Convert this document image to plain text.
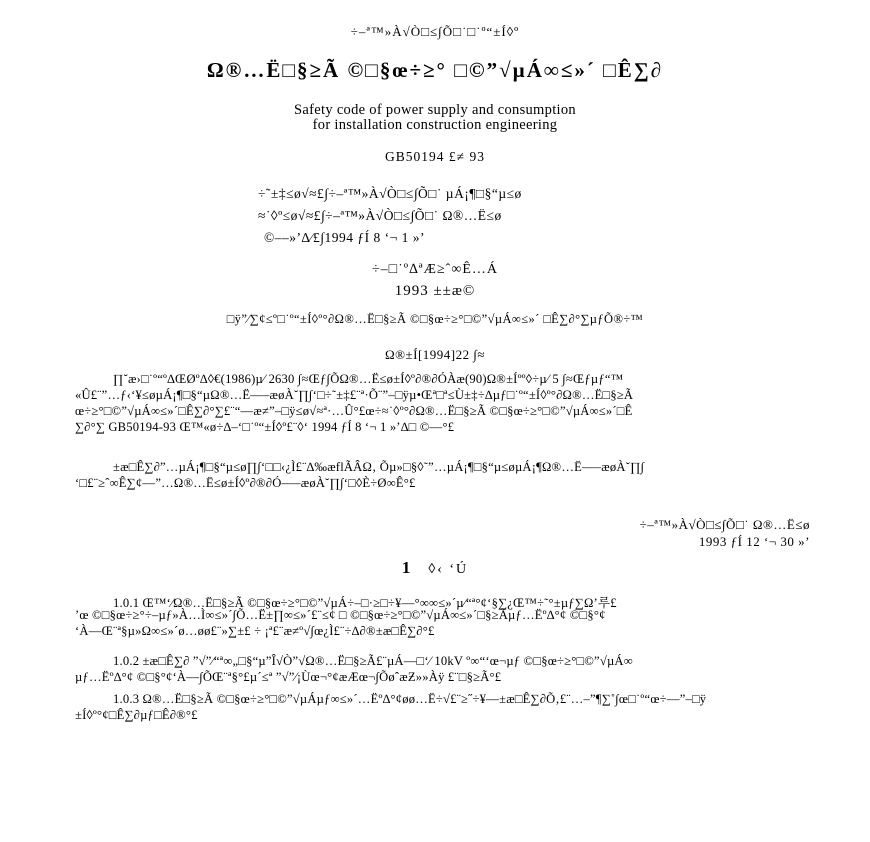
÷–ª™»À√Ò□≤∫Õ□˙□˙º“±Í◊º
Ω®…Ë□§≥Ã ©□§œ÷≥° □©”√µÁ∞≤»´ □Ê∑∂
Safety code of power supply and consumption
for installation construction engineering
GB50194 £≠ 93
÷˜±‡≤ø√≈£∫÷–ª™»À√Ò□≤∫Õ□˙ µÁ¡¶□§“µ≤ø
≈˙◊º≤ø√≈£∫÷–ª™»À√Ò□≤∫Õ□˙ Ω®…Ë≤ø
©––»’∆⁄£∫1994 ƒÍ 8 ‘¬ 1 »’
÷–□˙º∆ªÆ≥ˆ∞Ê…Á
1993 ±±æ©
□ÿ”⁄∑¢≤º□˙º“±Í◊º°∂Ω®…Ë□§≥Ã ©□§œ÷≥°□©”√µÁ∞≤»´ □Ê∑∂°∑µƒÕ®÷™
Ω®±Í[1994]22 ∫≈
∏˘æ›□˙º“º∆ŒØº∆◊€(1986)µ⁄ 2630 ∫≈Œƒ∫ÕΩ®…Ë≤ø±Í◊º∂®∂ÓÀæ(90)Ω®±Íºº◊÷µ⁄ 5 ∫≈Œƒµƒ“™
«Û£¨”…ƒ‹‘¥≤øµÁ¡¶□§“µΩ®…Ë—–æøÀ˘∏∫‘□÷˜±‡£¨ª·Õ¨”–□ÿµ•Œª□ª≤Ù±‡÷∆µƒ□˙º“±Í◊º°∂Ω®…Ë□§≥Ã
œ÷≥°□©”√µÁ∞≤»´□Ê∑∂°∑£¨“—æ≠”–□ÿ≤ø√≈ª·…Û°£œ÷≈˙◊º°∂Ω®…Ë□§≥Ã ©□§œ÷≥°□©”√µÁ∞≤»´□Ê
∑∂°∑ GB50194-93 Œ™«ø÷∆–‘□˙º“±Í◊º£¨◊‘ 1994 ƒÍ 8 ‘¬ 1 »’∆□ ©––°£
±æ□Ê∑∂”…µÁ¡¶□§“µ≤ø∏∫‘□□‹¿Ì£¨∆‰æflÃÂΩ‚ Õµ»□§◊˜”…µÁ¡¶□§“µ≤øµÁ¡¶Ω®…Ë—–æøÀ˘∏∫
‘□£¨≥ˆ∞Ê∑¢––”…Ω®…Ë≤ø±Í◊º∂®∂Ó—–æøÀ˘∏∫‘□◊È÷Ø∞Ê°£
÷–ª™»À√Ò□≤∫Õ□˙ Ω®…Ë≤ø
1993 ƒÍ 12 ‘¬ 30 »’
1 ◊‹ ‘Ú
1.0.1 Œ™‘⁄Ω®…Ë□§≥Ã ©□§œ÷≥°□©”√µÁ÷–□·≥□÷¥––°∞∞≤»´µ⁄“ª°¢‘§∑¿Œ™÷˜°±µƒ∑Ω’루£
’œ ©□§œ÷≥°÷–µƒ»À…Ì∞≤»´∫Õ…Ë±∏∞≤»´£¨≤¢ □ ©□§œ÷≥°□©”√µÁ∞≤»´□§≥Ãµƒ…Ëº∆°¢ ©□§°¢
‘À––Œ¨ª§µ»Ω∞≤»´ø…øø£¨»∑±£ ÷ ¡ª£¨æ≠º√∫œ¿Ì£¨÷∆∂®±æ□Ê∑∂°£
1.0.2 ±æ□Ê∑∂ ”√”⁄“ª∞„□§“µ”Î√Ò”√Ω®…Ë□§≥Ã£¨µÁ—□‘⁄ 10kV º∞“‘œ¬µƒ ©□§œ÷≥°□©”√µÁ∞
µƒ…Ëº∆°¢ ©□§°¢‘À––∫ÕŒ¨ª§°£µ´≤ª ”√”⁄¡Ùœ¬°¢æÆœ¬∫ÕøˆæƵ»»Àÿ £¨□§≥Ã°£
1.0.3 Ω®…Ë□§≥Ã ©□§œ÷≥°□©”√µÁµƒ∞≤»´…Ëº∆°¢øø…Ë÷√£¨≥˝÷¥––±æ□Ê∑∂Õ‚£¨…–”¶∑˚∫œ□˙º“œ÷––”–□ÿ
±Í◊º°¢□Ê∑∂µƒ□Ê∂®°£
